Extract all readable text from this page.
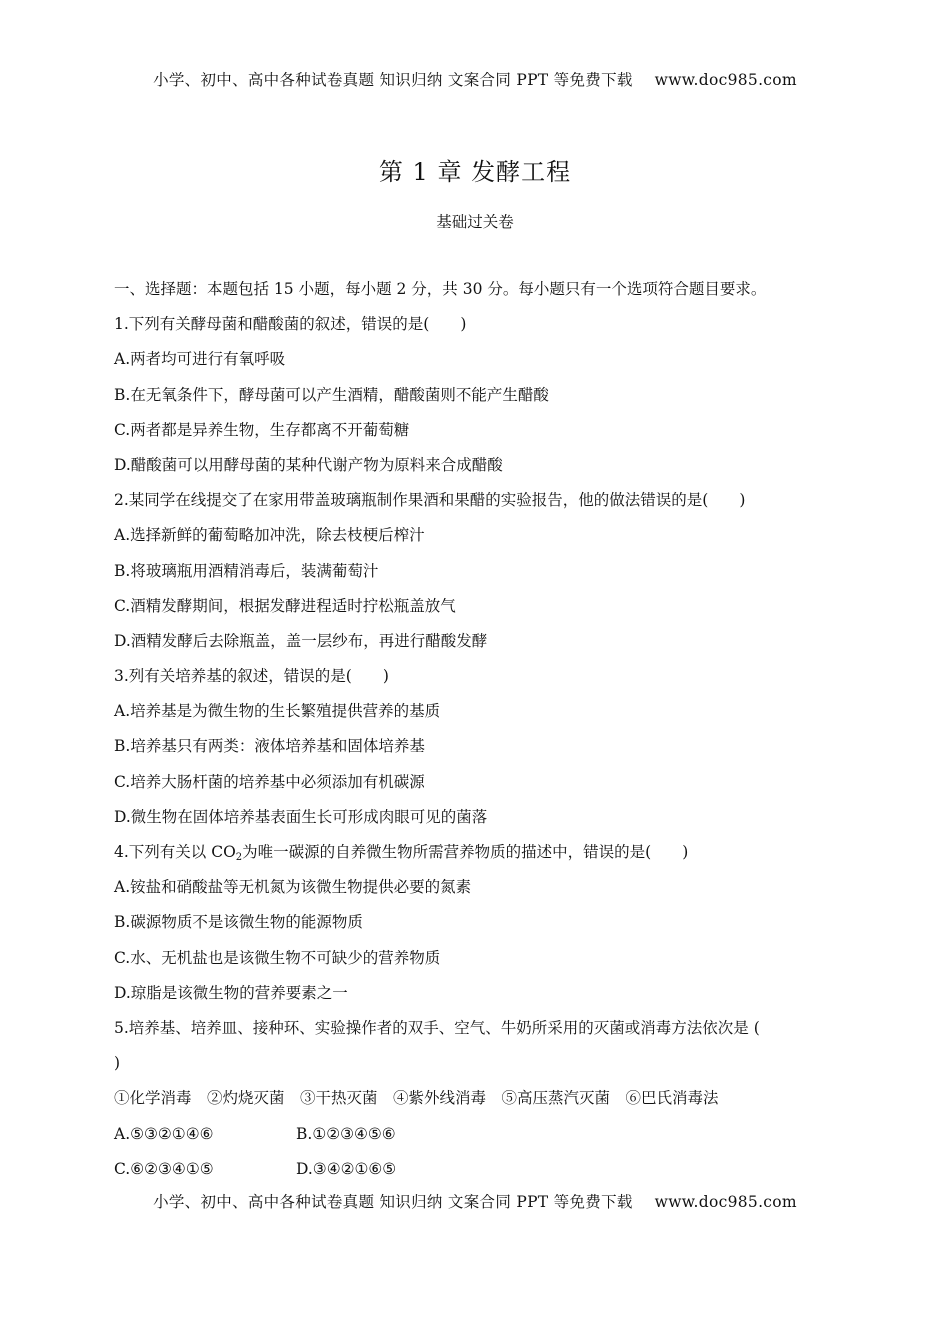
小学、初中、高中各种试卷真题 知识归纳 文案合同 PPT 等免费下载 www.doc985.com
第 1 章 发酵工程
基础过关卷
一、选择题：本题包括 15 小题，每小题 2 分，共 30 分。每小题只有一个选项符合题目要求。
1.下列有关酵母菌和醋酸菌的叙述，错误的是(　　)
A.两者均可进行有氧呼吸
B.在无氧条件下，酵母菌可以产生酒精，醋酸菌则不能产生醋酸
C.两者都是异养生物，生存都离不开葡萄糖
D.醋酸菌可以用酵母菌的某种代谢产物为原料来合成醋酸
2.某同学在线提交了在家用带盖玻璃瓶制作果酒和果醋的实验报告，他的做法错误的是(　　)
A.选择新鲜的葡萄略加冲洗，除去枝梗后榨汁
B.将玻璃瓶用酒精消毒后，装满葡萄汁
C.酒精发酵期间，根据发酵进程适时拧松瓶盖放气
D.酒精发酵后去除瓶盖，盖一层纱布，再进行醋酸发酵
3.列有关培养基的叙述，错误的是(　　)
A.培养基是为微生物的生长繁殖提供营养的基质
B.培养基只有两类：液体培养基和固体培养基
C.培养大肠杆菌的培养基中必须添加有机碳源
D.微生物在固体培养基表面生长可形成肉眼可见的菌落
4.下列有关以 $CO_2$为唯一碳源的自养微生物所需营养物质的描述中，错误的是(　　)
A.铵盐和硝酸盐等无机氮为该微生物提供必要的氮素
B.碳源物质不是该微生物的能源物质
C.水、无机盐也是该微生物不可缺少的营养物质
D.琼脂是该微生物的营养要素之一
5.培养基、培养皿、接种环、实验操作者的双手、空气、牛奶所采用的灭菌或消毒方法依次是 (
)
①化学消毒　②灼烧灭菌　③干热灭菌　④紫外线消毒　⑤高压蒸汽灭菌　⑥巴氏消毒法
A.⑤③②①④⑥	B.①②③④⑤⑥
C.⑥②③④①⑤	D.③④②①⑥⑤
小学、初中、高中各种试卷真题 知识归纳 文案合同 PPT 等免费下载 www.doc985.com
